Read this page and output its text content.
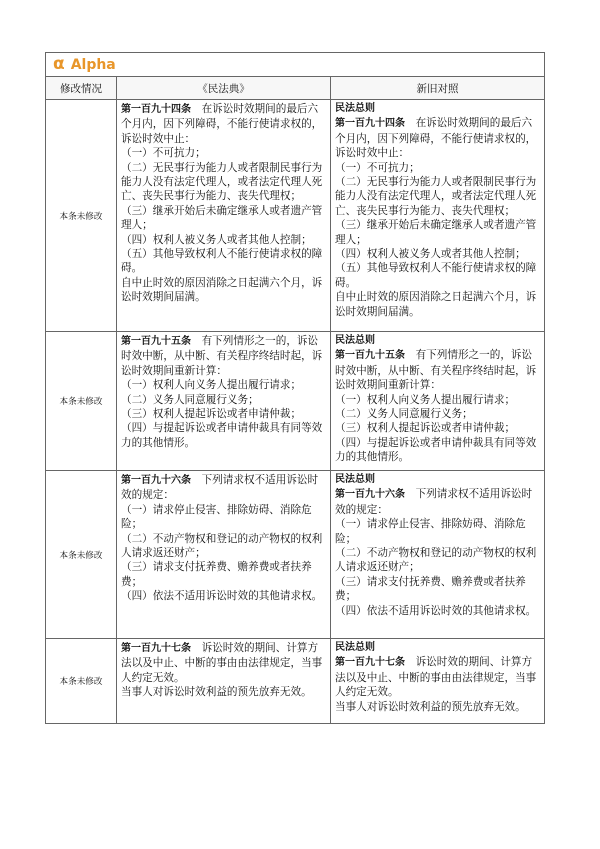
α Alpha
修改情况	《民法典》	新旧对照
本条未修改

第一百九十四条　 在诉讼时效期间的最后六个月内，因下列障碍，不能行使请求权的，诉讼时效中止：

（一）不可抗力；

（二）无民事行为能力人或者限制民事行为能力人没有法定代理人，或者法定代理人死亡、丧失民事行为能力、丧失代理权；

（三）继承开始后未确定继承人或者遗产管理人；

（四）权利人被义务人或者其他人控制；

（五）其他导致权利人不能行使请求权的障碍。

自中止时效的原因消除之日起满六个月，诉讼时效期间届满。

民法总则

第一百九十四条　 在诉讼时效期间的最后六个月内，因下列障碍，不能行使请求权的，诉讼时效中止：

（一）不可抗力；

（二）无民事行为能力人或者限制民事行为能力人没有法定代理人，或者法定代理人死亡、丧失民事行为能力、丧失代理权；

（三）继承开始后未确定继承人或者遗产管理人；

（四）权利人被义务人或者其他人控制；

（五）其他导致权利人不能行使请求权的障碍。

自中止时效的原因消除之日起满六个月，诉讼时效期间届满。

本条未修改

第一百九十五条　 有下列情形之一的，诉讼时效中断，从中断、有关程序终结时起，诉讼时效期间重新计算：

（一）权利人向义务人提出履行请求；

（二）义务人同意履行义务；

（三）权利人提起诉讼或者申请仲裁；

（四）与提起诉讼或者申请仲裁具有同等效力的其他情形。

民法总则

第一百九十五条　 有下列情形之一的，诉讼时效中断，从中断、有关程序终结时起，诉讼时效期间重新计算：

（一）权利人向义务人提出履行请求；

（二）义务人同意履行义务；

（三）权利人提起诉讼或者申请仲裁；

（四）与提起诉讼或者申请仲裁具有同等效力的其他情形。

本条未修改

第一百九十六条　 下列请求权不适用诉讼时效的规定：

（一）请求停止侵害、排除妨碍、消除危险；

（二）不动产物权和登记的动产物权的权利人请求返还财产；

（三）请求支付抚养费、赡养费或者扶养费；

（四）依法不适用诉讼时效的其他请求权。

民法总则

第一百九十六条　 下列请求权不适用诉讼时效的规定：

（一）请求停止侵害、排除妨碍、消除危险；

（二）不动产物权和登记的动产物权的权利人请求返还财产；

（三）请求支付抚养费、赡养费或者扶养费；

（四）依法不适用诉讼时效的其他请求权。

本条未修改

第一百九十七条　 诉讼时效的期间、计算方法以及中止、中断的事由由法律规定，当事人约定无效。

当事人对诉讼时效利益的预先放弃无效。

民法总则

第一百九十七条　 诉讼时效的期间、计算方法以及中止、中断的事由由法律规定，当事人约定无效。

当事人对诉讼时效利益的预先放弃无效。
